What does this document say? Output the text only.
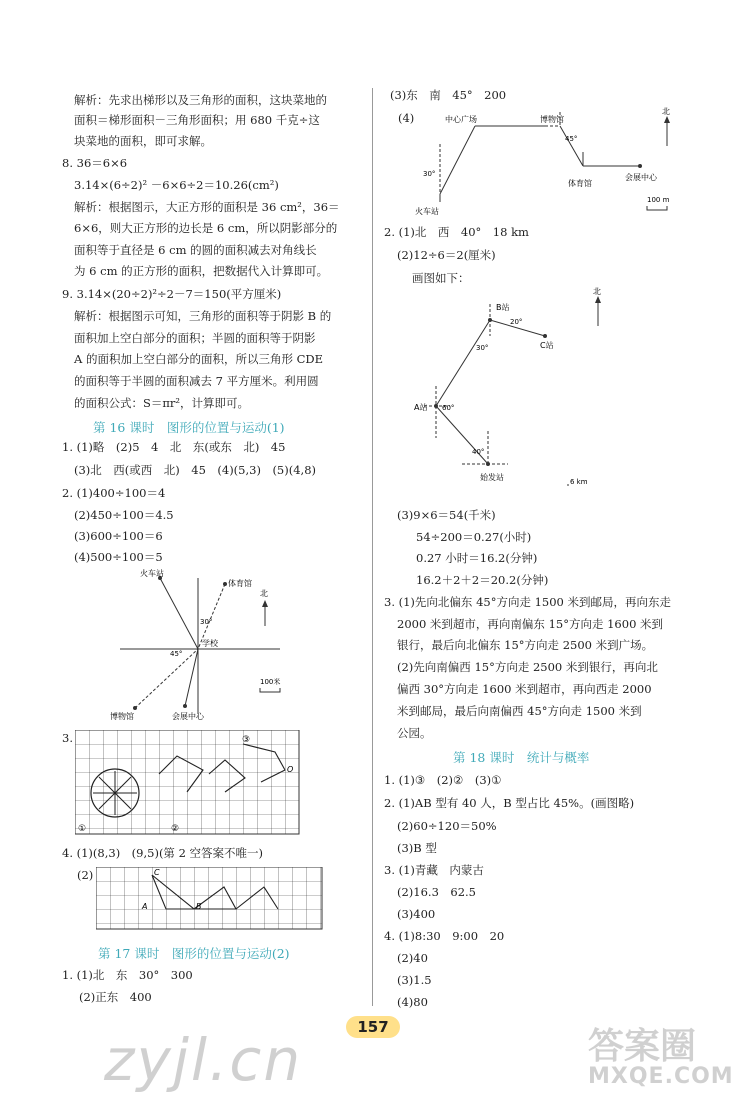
解析：先求出梯形以及三角形的面积，这块菜地的
面积＝梯形面积－三角形面积；用 680 千克÷这
块菜地的面积，即可求解。
8. 36＝6×6
3.14×(6÷2)² －6×6÷2＝10.26(cm²)
解析：根据图示，大正方形的面积是 36 cm²，36＝
6×6，则大正方形的边长是 6 cm，所以阴影部分的
面积等于直径是 6 cm 的圆的面积减去对角线长
为 6 cm 的正方形的面积，把数据代入计算即可。
9. 3.14×(20÷2)²÷2－7＝150(平方厘米)
解析：根据图示可知，三角形的面积等于阴影 B 的
面积加上空白部分的面积；半圆的面积等于阴影
A 的面积加上空白部分的面积，所以三角形 CDE
的面积等于半圆的面积减去 7 平方厘米。利用圆
的面积公式：S＝πr²，计算即可。
第 16 课时　图形的位置与运动(1)
1. (1)略　(2)5　4　北　东(或东　北)　45
(3)北　西(或西　北)　45　(4)(5,3)　(5)(4,8)
2. (1)400÷100＝4
(2)450÷100＝4.5
(3)600÷100＝6
(4)500÷100＝5
火车站
体育馆
学校
博物馆	会展中心
30°
45°
北
100米
3.
①	②
③
O
4. (1)(8,3)　(9,5)(第 2 空答案不唯一)
(2)	C
A	B
第 17 课时　图形的位置与运动(2)
1. (1)北　东　30°　300
(2)正东　400
(3)东　南　45°　200
(4)	中心广场	博物馆
体育馆
会展中心
火车站
30°
45°
北
100 m
2. (1)北　西　40°　18 km
(2)12÷6＝2(厘米)
画图如下：
B站
C站
A站
始发站
20°
30°
60°
40°
北
6 km
(3)9×6＝54(千米)
54÷200＝0.27(小时)
0.27 小时＝16.2(分钟)
16.2＋2＋2＝20.2(分钟)
3. (1)先向北偏东 45°方向走 1500 米到邮局，再向东走
2000 米到超市，再向南偏东 15°方向走 1600 米到
银行，最后向北偏东 15°方向走 2500 米到广场。
(2)先向南偏西 15°方向走 2500 米到银行，再向北
偏西 30°方向走 1600 米到超市，再向西走 2000
米到邮局，最后向南偏西 45°方向走 1500 米到
公园。
第 18 课时　统计与概率
1. (1)③　(2)②　(3)①
2. (1)AB 型有 40 人，B 型占比 45%。(画图略)
(2)60÷120＝50%
(3)B 型
3. (1)青藏　内蒙古
(2)16.3　62.5
(3)400
4. (1)8:30　9:00　20
(2)40
(3)1.5
(4)80
157
zyjl.cn	答案圈
MXQE.COM
